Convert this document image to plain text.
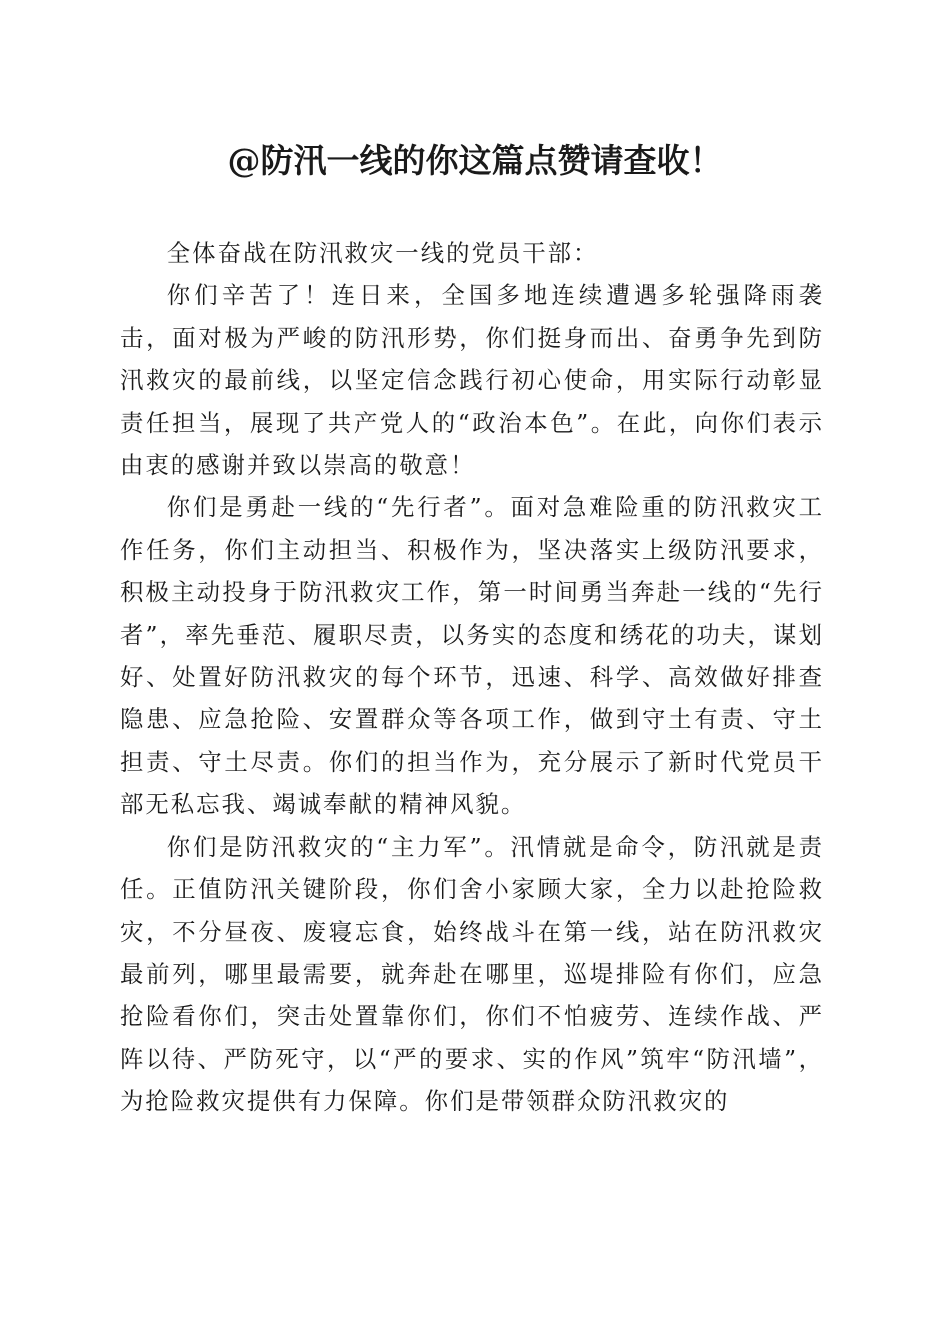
@防汛一线的你这篇点赞请查收！

全体奋战在防汛救灾一线的党员干部：

你们辛苦了！连日来，全国多地连续遭遇多轮强降雨袭击，面对极为严峻的防汛形势，你们挺身而出、奋勇争先到防汛救灾的最前线，以坚定信念践行初心使命，用实际行动彰显责任担当，展现了共产党人的“政治本色”。在此，向你们表示由衷的感谢并致以崇高的敬意！

你们是勇赴一线的“先行者”。面对急难险重的防汛救灾工作任务，你们主动担当、积极作为，坚决落实上级防汛要求，积极主动投身于防汛救灾工作，第一时间勇当奔赴一线的“先行者”，率先垂范、履职尽责，以务实的态度和绣花的功夫，谋划好、处置好防汛救灾的每个环节，迅速、科学、高效做好排查隐患、应急抢险、安置群众等各项工作，做到守土有责、守土担责、守土尽责。你们的担当作为，充分展示了新时代党员干部无私忘我、竭诚奉献的精神风貌。

你们是防汛救灾的“主力军”。汛情就是命令，防汛就是责任。正值防汛关键阶段，你们舍小家顾大家，全力以赴抢险救灾，不分昼夜、废寝忘食，始终战斗在第一线，站在防汛救灾最前列，哪里最需要，就奔赴在哪里，巡堤排险有你们，应急抢险看你们，突击处置靠你们，你们不怕疲劳、连续作战、严阵以待、严防死守，以“严的要求、实的作风”筑牢“防汛墙”，为抢险救灾提供有力保障。你们是带领群众防汛救灾的
